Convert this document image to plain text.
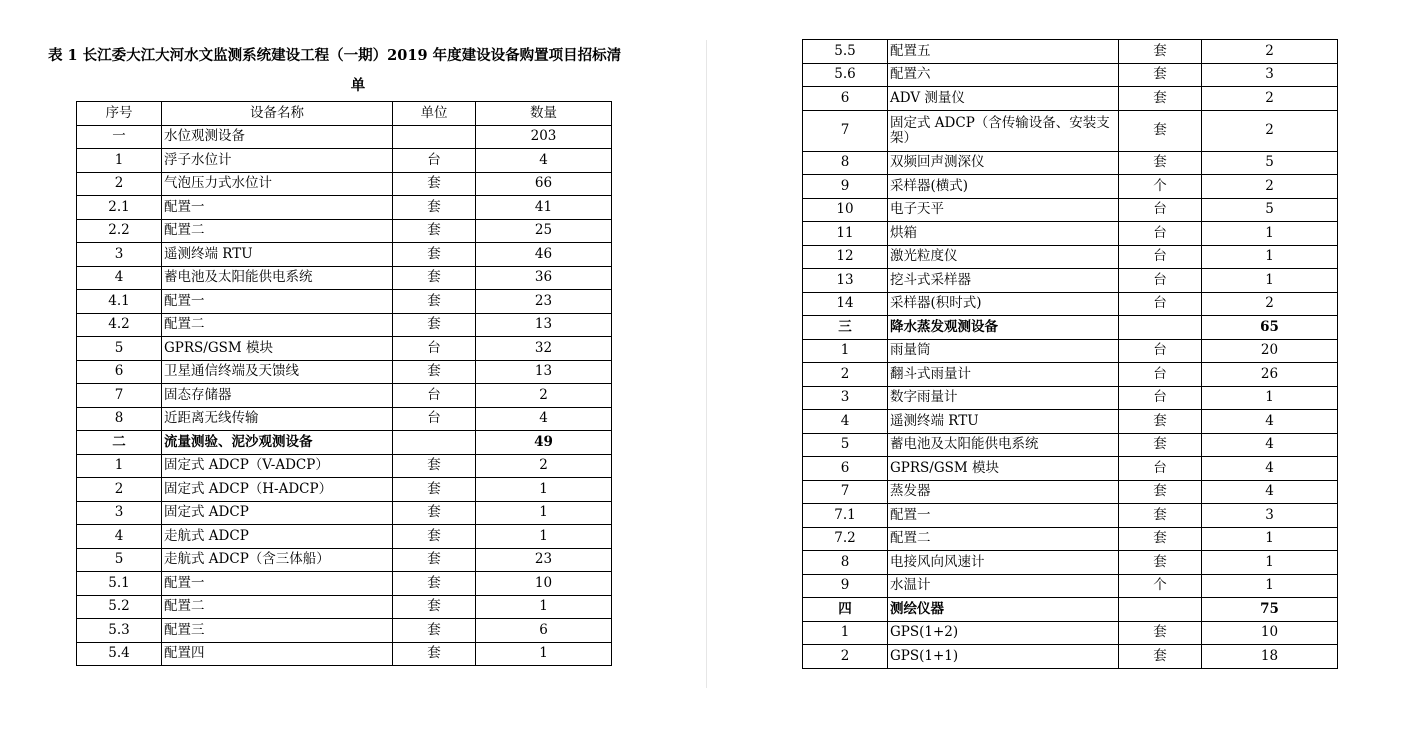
表 1 长江委大江大河水文监测系统建设工程（一期）2019 年度建设设备购置项目招标清
单
序号	设备名称	单位	数量
一	水位观测设备		203
1	浮子水位计	台	4
2	气泡压力式水位计	套	66
2.1	配置一	套	41
2.2	配置二	套	25
3	遥测终端 RTU	套	46
4	蓄电池及太阳能供电系统	套	36
4.1	配置一	套	23
4.2	配置二	套	13
5	GPRS/GSM 模块	台	32
6	卫星通信终端及天馈线	套	13
7	固态存储器	台	2
8	近距离无线传输	台	4
二	流量测验、泥沙观测设备		49
1	固定式 ADCP（V-ADCP）	套	2
2	固定式 ADCP（H-ADCP）	套	1
3	固定式 ADCP	套	1
4	走航式 ADCP	套	1
5	走航式 ADCP（含三体船）	套	23
5.1	配置一	套	10
5.2	配置二	套	1
5.3	配置三	套	6
5.4	配置四	套	1
5.5	配置五	套	2
5.6	配置六	套	3
6	ADV 测量仪	套	2
7	固定式 ADCP（含传输设备、安装支架）	套	2
8	双频回声测深仪	套	5
9	采样器(横式)	个	2
10	电子天平	台	5
11	烘箱	台	1
12	激光粒度仪	台	1
13	挖斗式采样器	台	1
14	采样器(积时式)	台	2
三	降水蒸发观测设备		65
1	雨量筒	台	20
2	翻斗式雨量计	台	26
3	数字雨量计	台	1
4	遥测终端 RTU	套	4
5	蓄电池及太阳能供电系统	套	4
6	GPRS/GSM 模块	台	4
7	蒸发器	套	4
7.1	配置一	套	3
7.2	配置二	套	1
8	电接风向风速计	套	1
9	水温计	个	1
四	测绘仪器		75
1	GPS(1+2)	套	10
2	GPS(1+1)	套	18
